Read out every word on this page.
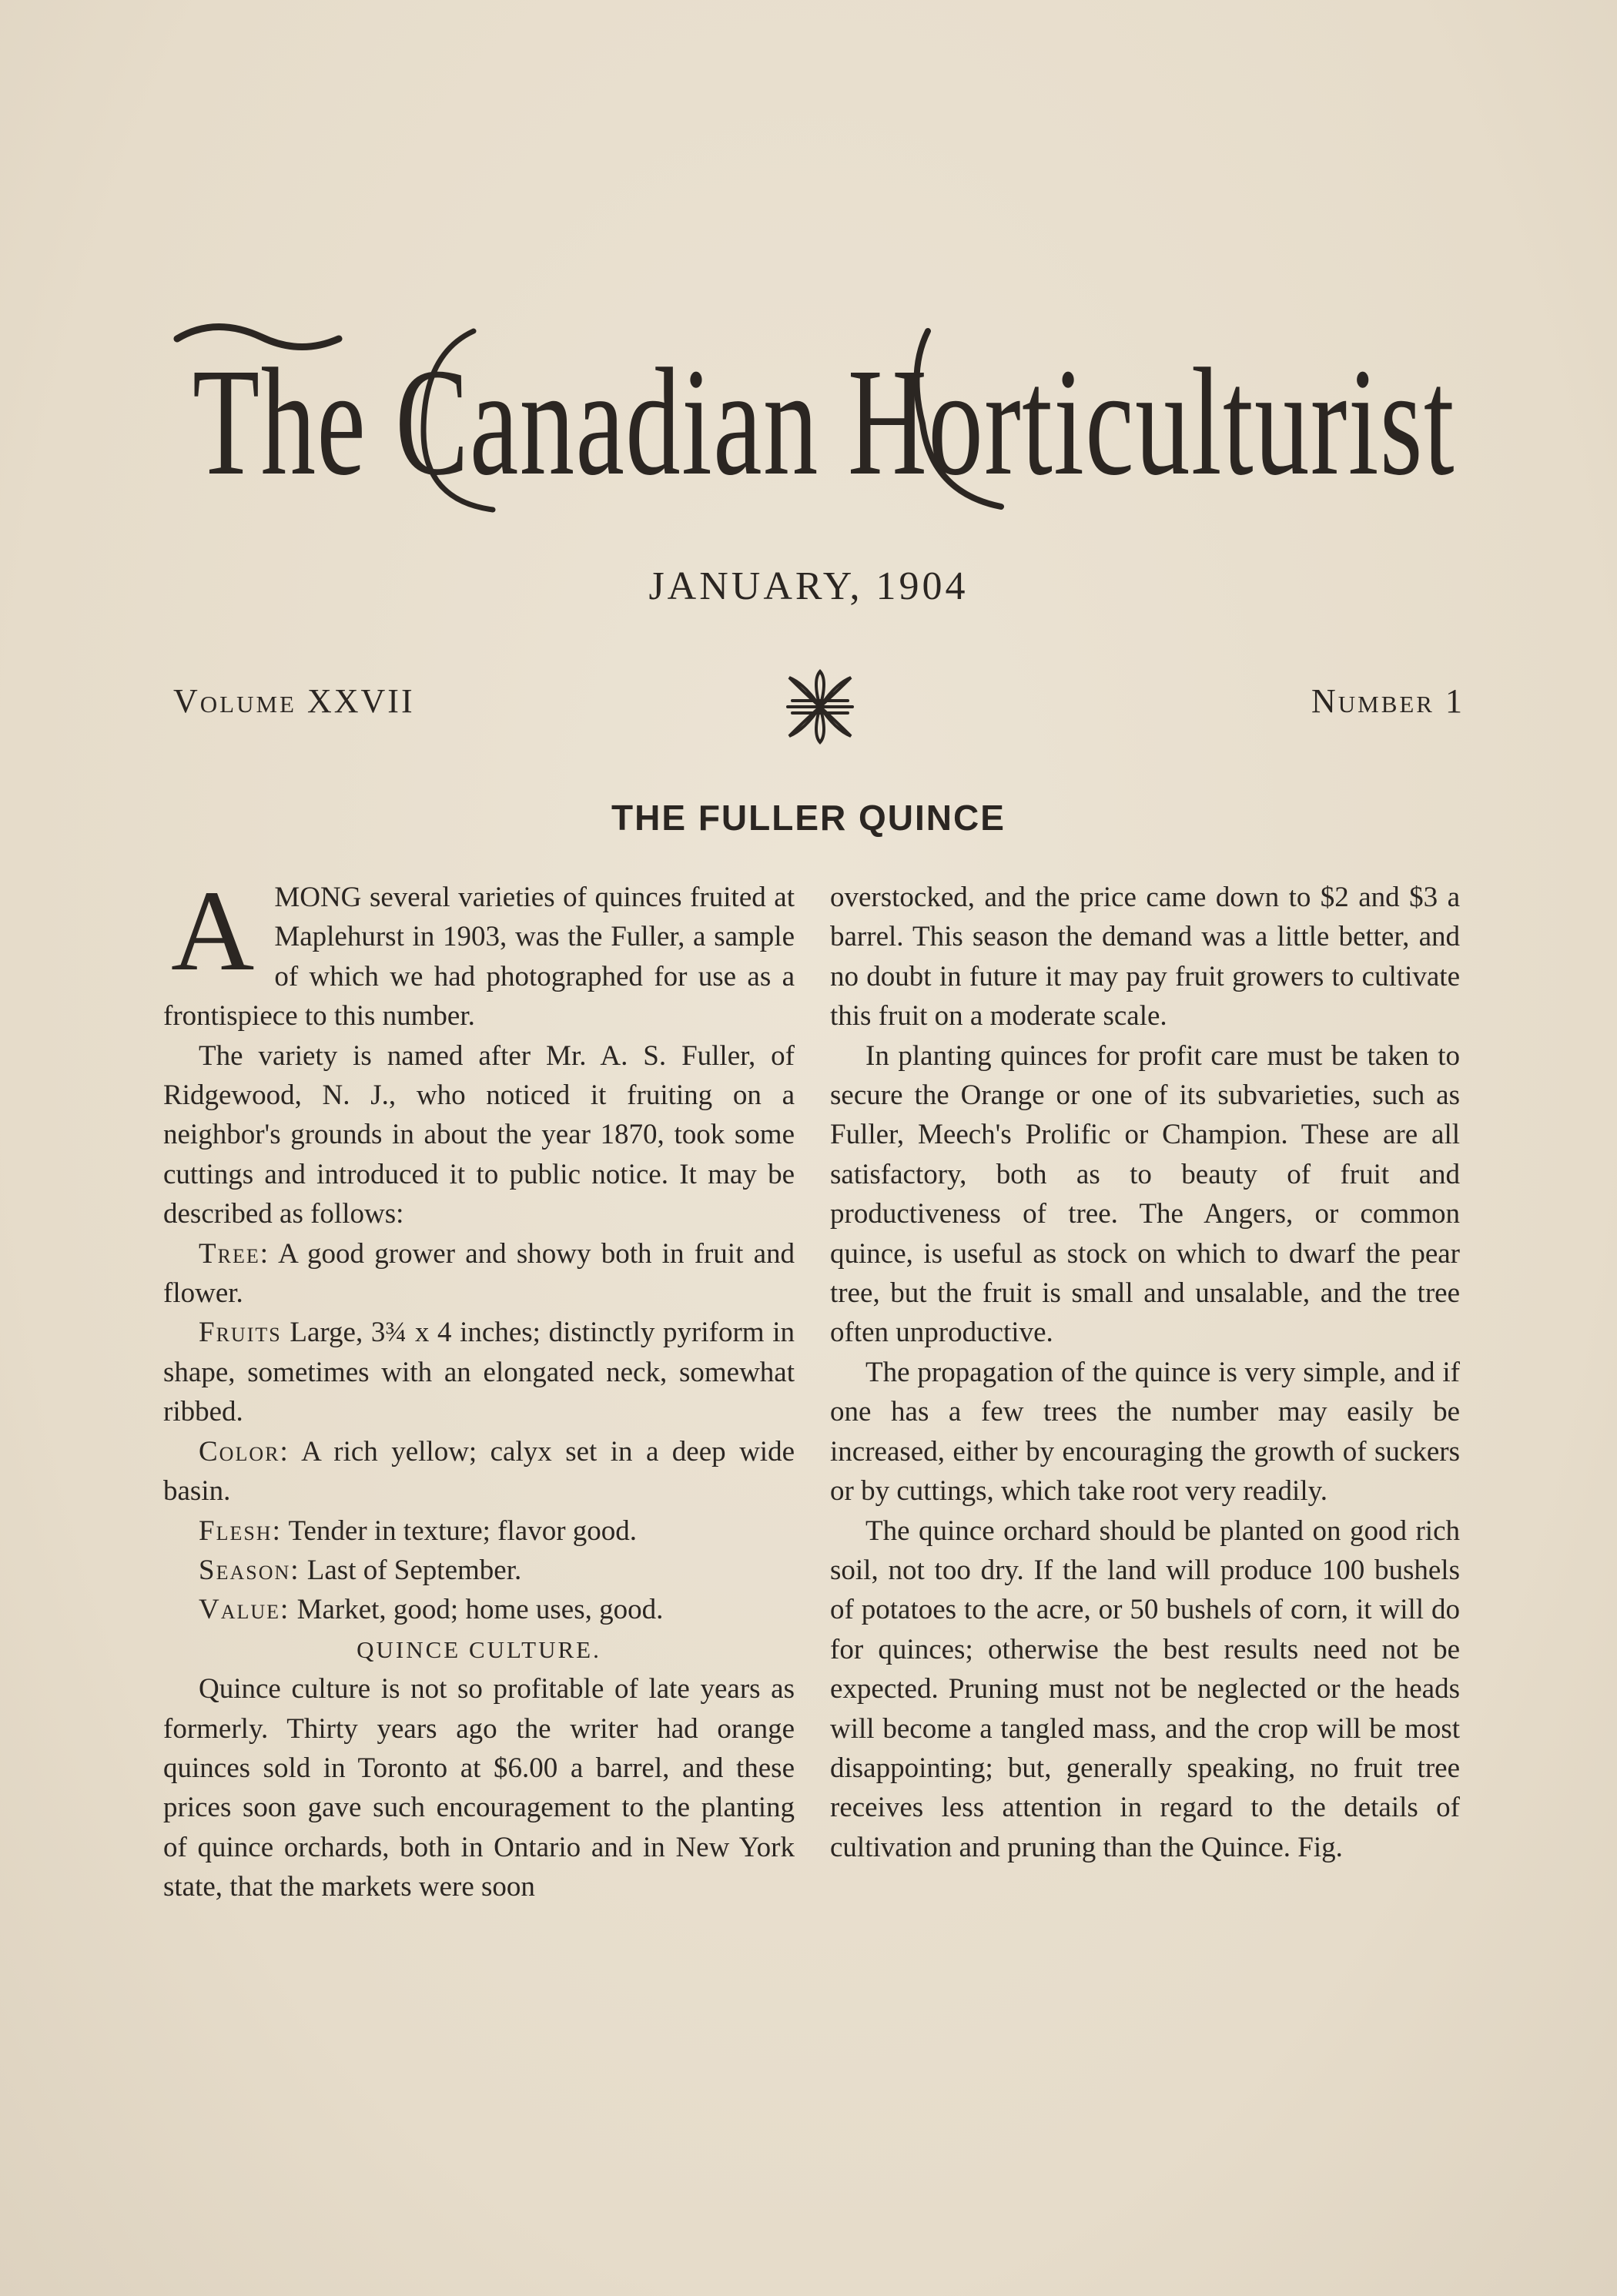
The Canadian Horticulturist
JANUARY, 1904
Volume XXVII	Number 1
THE FULLER QUINCE

AMONG several varieties of quinces fruited at Maplehurst in 1903, was the Fuller, a sample of which we had photographed for use as a frontispiece to this number.

The variety is named after Mr. A. S. Fuller, of Ridgewood, N. J., who noticed it fruiting on a neighbor's grounds in about the year 1870, took some cuttings and introduced it to public notice. It may be described as follows:

Tree: A good grower and showy both in fruit and flower.

Fruits Large, 3¾ x 4 inches; distinctly pyriform in shape, sometimes with an elongated neck, somewhat ribbed.

Color: A rich yellow; calyx set in a deep wide basin.

Flesh: Tender in texture; flavor good.

Season: Last of September.

Value: Market, good; home uses, good.

QUINCE CULTURE.

Quince culture is not so profitable of late years as formerly. Thirty years ago the writer had orange quinces sold in Toronto at $6.00 a barrel, and these prices soon gave such encouragement to the planting of quince orchards, both in Ontario and in New York state, that the markets were soon

overstocked, and the price came down to $2 and $3 a barrel. This season the demand was a little better, and no doubt in future it may pay fruit growers to cultivate this fruit on a moderate scale.

In planting quinces for profit care must be taken to secure the Orange or one of its subvarieties, such as Fuller, Meech's Prolific or Champion. These are all satisfactory, both as to beauty of fruit and productiveness of tree. The Angers, or common quince, is useful as stock on which to dwarf the pear tree, but the fruit is small and unsalable, and the tree often unproductive.

The propagation of the quince is very simple, and if one has a few trees the number may easily be increased, either by encouraging the growth of suckers or by cuttings, which take root very readily.

The quince orchard should be planted on good rich soil, not too dry. If the land will produce 100 bushels of potatoes to the acre, or 50 bushels of corn, it will do for quinces; otherwise the best results need not be expected. Pruning must not be neglected or the heads will become a tangled mass, and the crop will be most disappointing; but, generally speaking, no fruit tree receives less attention in regard to the details of cultivation and pruning than the Quince. Fig.
